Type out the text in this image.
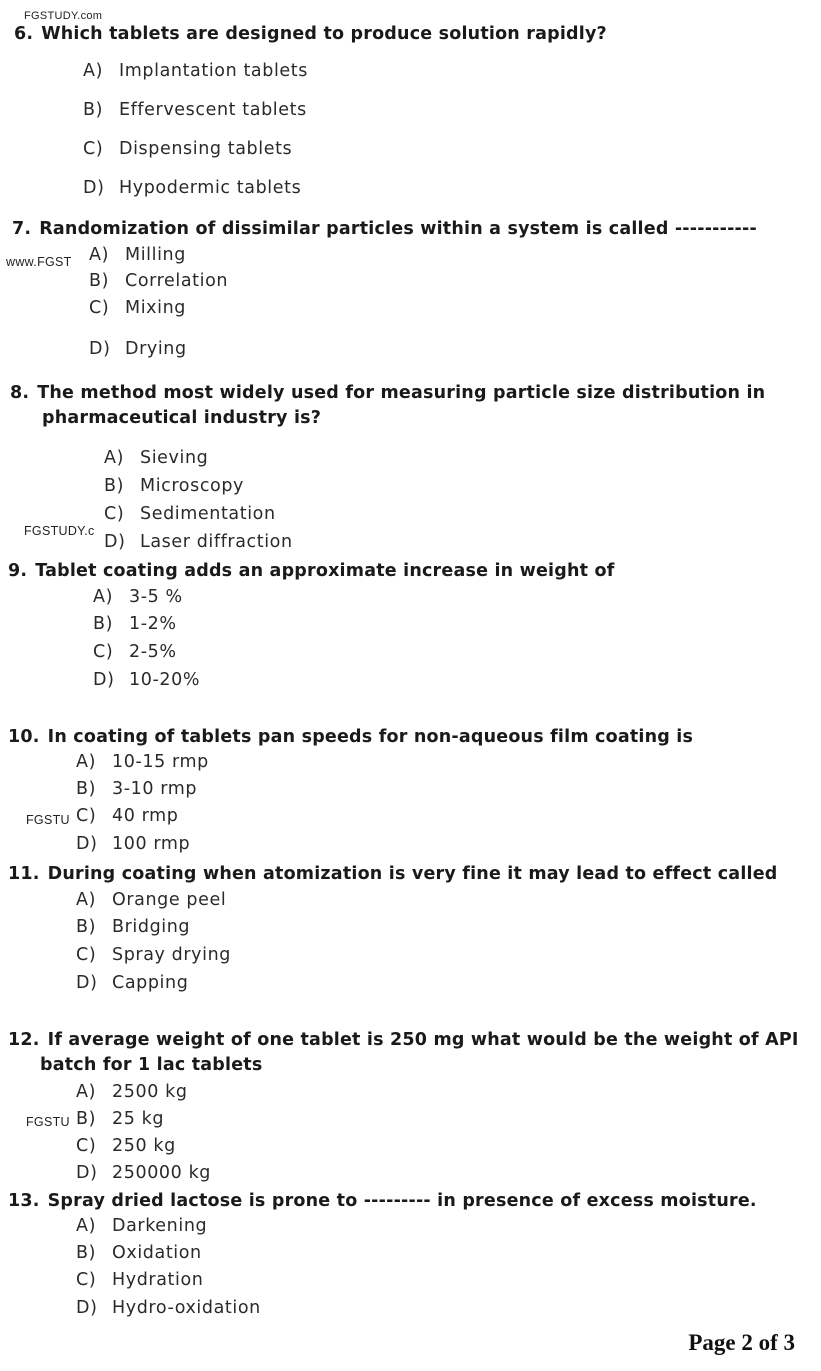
FGSTUDY.com
www.FGST
FGSTUDY.c
FGSTU
FGSTU
6. Which tablets are designed to produce solution rapidly?
A) Implantation tablets
B) Effervescent tablets
C) Dispensing tablets
D) Hypodermic tablets
7. Randomization of dissimilar particles within a system is called -----------
A) Milling
B) Correlation
C) Mixing
D) Drying
8. The method most widely used for measuring particle size distribution in
pharmaceutical industry is?
A) Sieving
B) Microscopy
C) Sedimentation
D) Laser diffraction
9. Tablet coating adds an approximate increase in weight of
A) 3-5 %
B) 1-2%
C) 2-5%
D) 10-20%
10. In coating of tablets pan speeds for non-aqueous film coating is
A) 10-15 rmp
B) 3-10 rmp
C) 40 rmp
D) 100 rmp
11. During coating when atomization is very fine it may lead to effect called
A) Orange peel
B) Bridging
C) Spray drying
D) Capping
12. If average weight of one tablet is 250 mg what would be the weight of API
batch for 1 lac tablets
A) 2500 kg
B) 25 kg
C) 250 kg
D) 250000 kg
13. Spray dried lactose is prone to --------- in presence of excess moisture.
A) Darkening
B) Oxidation
C) Hydration
D) Hydro-oxidation
Page 2 of 3
